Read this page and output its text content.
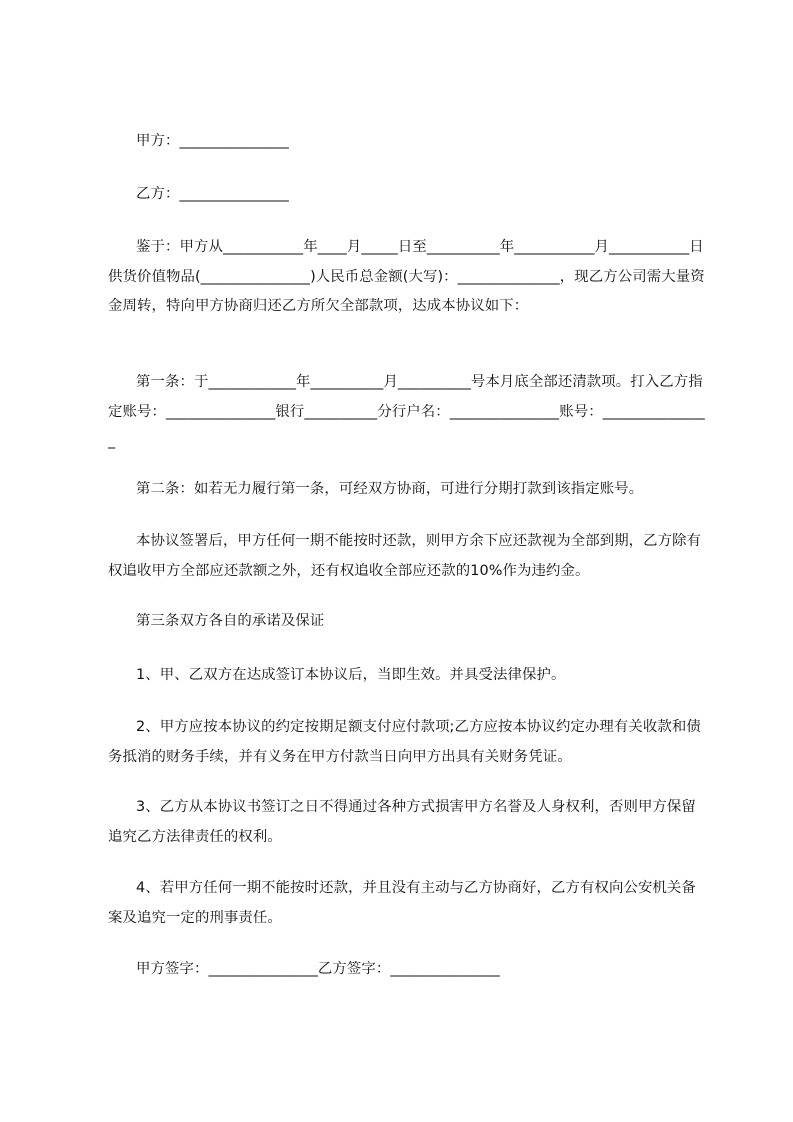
甲方：_______________

乙方：_______________

鉴于：甲方从___________年____月_____日至__________年___________月___________日供货价值物品(_______________)人民币总金额(大写)：______________，现乙方公司需大量资金周转，特向甲方协商归还乙方所欠全部款项，达成本协议如下：

第一条：于____________年__________月__________号本月底全部还清款项。打入乙方指定账号：_______________银行__________分行户名：_______________账号：_______________

第二条：如若无力履行第一条，可经双方协商，可进行分期打款到该指定账号。

本协议签署后，甲方任何一期不能按时还款，则甲方余下应还款视为全部到期，乙方除有权追收甲方全部应还款额之外，还有权追收全部应还款的10%作为违约金。

第三条双方各自的承诺及保证

1、甲、乙双方在达成签订本协议后，当即生效。并具受法律保护。

2、甲方应按本协议的约定按期足额支付应付款项;乙方应按本协议约定办理有关收款和债务抵消的财务手续，并有义务在甲方付款当日向甲方出具有关财务凭证。

3、乙方从本协议书签订之日不得通过各种方式损害甲方名誉及人身权利，否则甲方保留追究乙方法律责任的权利。

4、若甲方任何一期不能按时还款，并且没有主动与乙方协商好，乙方有权向公安机关备案及追究一定的刑事责任。

甲方签字：_______________乙方签字：_______________
